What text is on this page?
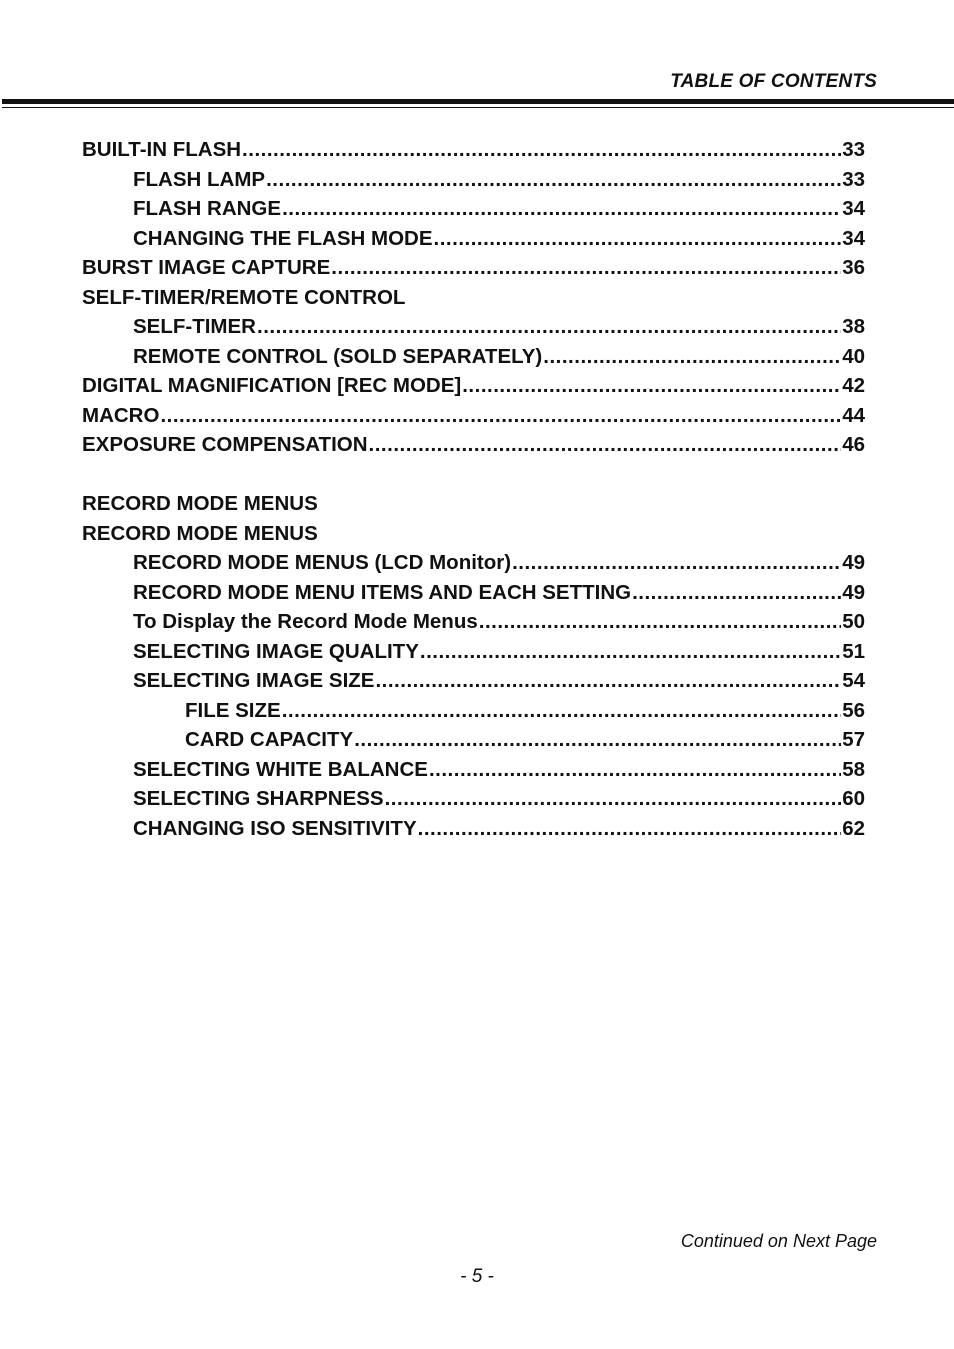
TABLE OF CONTENTS
BUILT-IN FLASH .....	33
FLASH LAMP .....	33
FLASH RANGE .....	34
CHANGING THE FLASH MODE .....	34
BURST IMAGE CAPTURE .....	36
SELF-TIMER/REMOTE CONTROL
SELF-TIMER .....	38
REMOTE CONTROL (SOLD SEPARATELY) .....	40
DIGITAL MAGNIFICATION [REC MODE] .....	42
MACRO .....	44
EXPOSURE COMPENSATION .....	46
RECORD MODE MENUS
RECORD MODE MENUS
RECORD MODE MENUS (LCD Monitor) .....	49
RECORD MODE MENU ITEMS AND EACH SETTING .....	49
To Display the Record Mode Menus .....	50
SELECTING IMAGE QUALITY .....	51
SELECTING IMAGE SIZE .....	54
FILE SIZE .....	56
CARD CAPACITY .....	57
SELECTING WHITE BALANCE .....	58
SELECTING SHARPNESS .....	60
CHANGING ISO SENSITIVITY .....	62
Continued on Next Page
- 5 -
